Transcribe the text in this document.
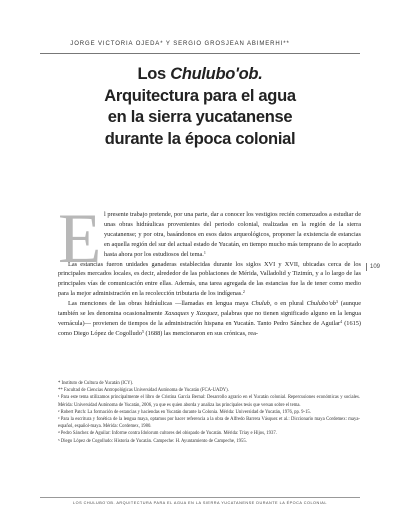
JORGE VICTORIA OJEDA* Y SERGIO GROSJEAN ABIMERHI**
Los Chulubo'ob.
Arquitectura para el agua
en la sierra yucatanense
durante la época colonial
E l presente trabajo pretende, por una parte, dar a conocer los vestigios recién comenzados a estudiar de unas obras hidráulicas provenientes del periodo colonial, realizadas en la región de la sierra yucatanense; y por otra, basándonos en esos datos arqueológicos, proponer la existencia de estancias en aquella región del sur del actual estado de Yucatán, en tiempo mucho más temprano de lo aceptado hasta ahora por los estudiosos del tema.$^1$

Las estancias fueron unidades ganaderas establecidas durante los siglos XVI y XVII, ubicadas cerca de los principales mercados locales, es decir, alrededor de las poblaciones de Mérida, Valladolid y Tizimín, y a lo largo de las principales vías de comunicación entre ellas. Además, una tarea agregada de las estancias fue la de tener como medio para la mejor administración en la recolección tributaria de los indígenas.$^2$

Las menciones de las obras hidráulicas —llamadas en lengua maya Chulub, o en plural $Chulubo'ob^3$ (aunque también se les denomina ocasionalmente Xaxaques y Xaxquez, palabras que no tienen significado alguno en la lengua vernácula)— provienen de tiempos de la administración hispana en Yucatán. Tanto Pedro Sánchez de Aguilar$^4$ (1615) como Diego López de Cogolludo$^5$ (1688) las mencionaron en sus crónicas, rea-

* Instituto de Cultura de Yucatán (ICY).
** Facultad de Ciencias Antropológicas Universidad Autónoma de Yucatán (FCA-UADY).
¹ Para este tema utilizamos principalmente el libro de Cristina García Bernal: Desarrollo agrario en el Yucatán colonial. Repercusiones económicas y sociales. Mérida: Universidad Autónoma de Yucatán, 2006, ya que es quien aborda y analiza las principales tesis que versan sobre el tema.
² Robert Patch: La formación de estancias y haciendas en Yucatán durante la Colonia. Mérida: Universidad de Yucatán, 1976, pp. 9-15.
³ Para la escritura y fonética de la lengua maya, optamos por hacer referencia a la obra de Alfredo Barrera Vásquez et al.: Diccionario maya Cordemex: maya-español, español-maya. Mérida: Cordemex, 1980.
⁴ Pedro Sánchez de Aguilar: Informe contra Idolorum cultores del obispado de Yucatán. Mérida: Triay e Hijos, 1937.
⁵ Diego López de Cogolludo: Historia de Yucatán. Campeche: H. Ayuntamiento de Campeche, 1955.
109
LOS CHULUBO'OB. ARQUITECTURA PARA EL AGUA EN LA SIERRA YUCATANENSE DURANTE LA ÉPOCA COLONIAL
